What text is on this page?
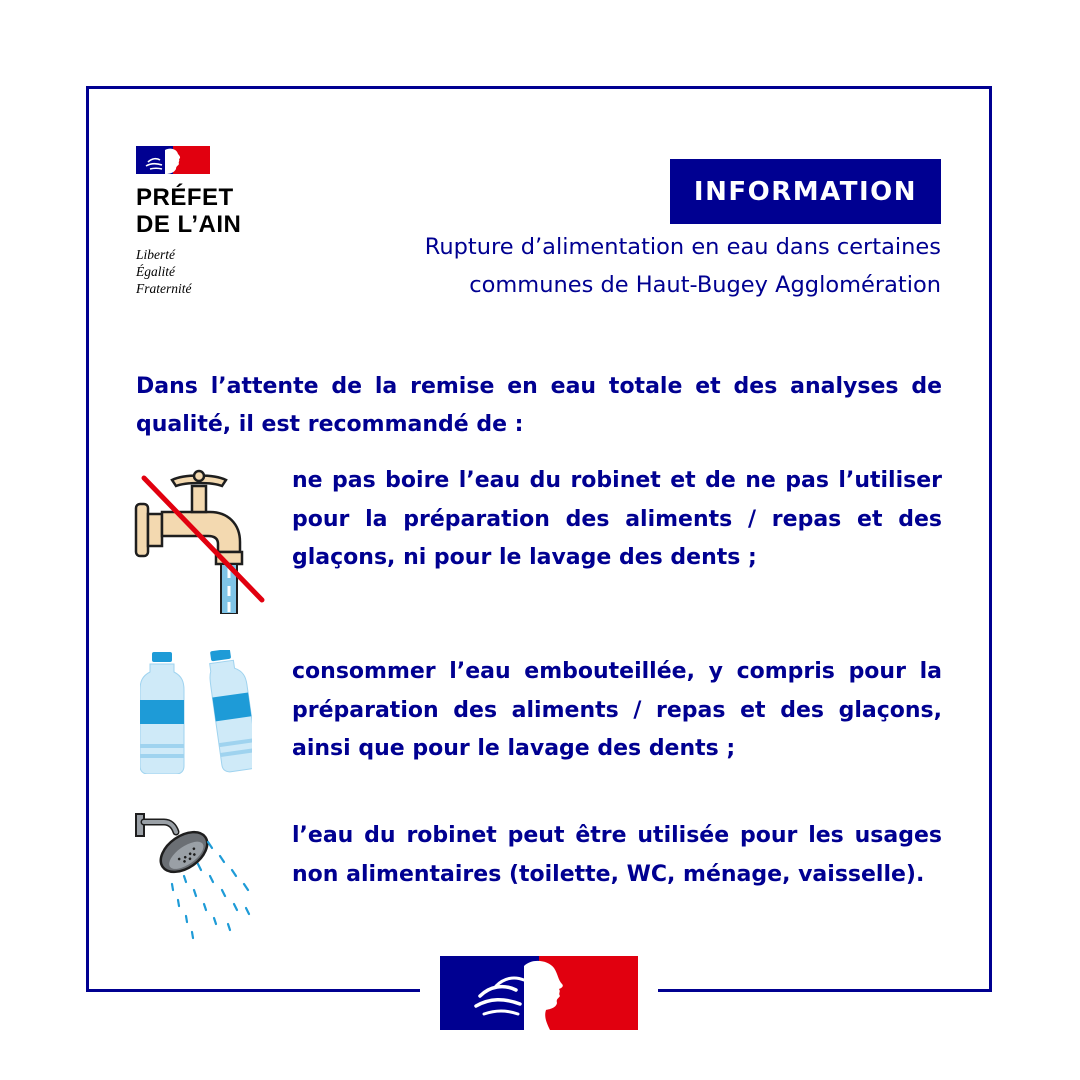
PRÉFET
DE L’AIN
Liberté
Égalité
Fraternité
INFORMATION
Rupture d’alimentation en eau dans certaines
communes de Haut-Bugey Agglomération
Dans l’attente de la remise en eau totale et des analyses de qualité, il est recommandé de :
ne pas boire l’eau du robinet et de ne pas l’utiliser pour la préparation des aliments / repas et des glaçons, ni pour le lavage des dents ;
consommer l’eau embouteillée, y compris pour la préparation des aliments / repas et des glaçons, ainsi que pour le lavage des dents ;
l’eau du robinet peut être utilisée pour les usages non alimentaires (toilette, WC, ménage, vaisselle).
